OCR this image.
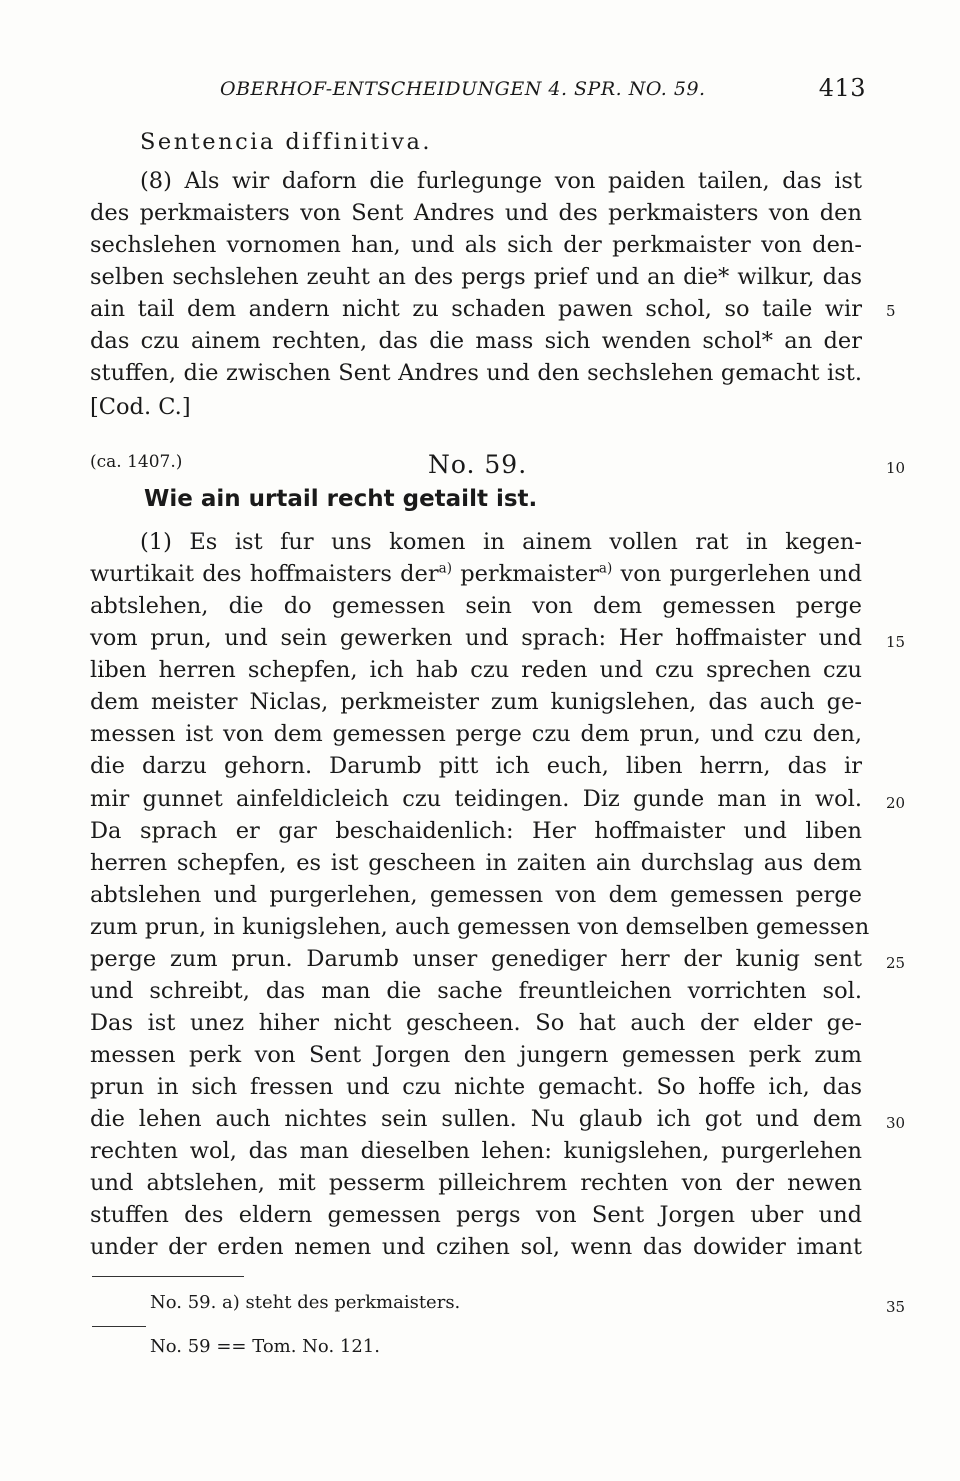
OBERHOF-ENTSCHEIDUNGEN 4. SPR. NO. 59.	413
Sentencia diffinitiva.
(8) Als wir daforn die furlegunge von paiden tailen, das ist
des perkmaisters von Sent Andres und des perkmaisters von den
sechslehen vornomen han, und als sich der perkmaister von den-
selben sechslehen zeuht an des pergs prief und an die* wilkur, das
ain tail dem andern nicht zu schaden pawen schol, so taile wir
das czu ainem rechten, das die mass sich wenden schol* an der
stuffen, die zwischen Sent Andres und den sechslehen gemacht ist.
[Cod. C.]
(ca. 1407.)	No. 59.
Wie ain urtail recht getailt ist.
(1) Es ist fur uns komen in ainem vollen rat in kegen-
wurtikait des hoffmaisters der$^{a)}$ perkmaister$^{a)}$ von purgerlehen und
abtslehen, die do gemessen sein von dem gemessen perge
vom prun, und sein gewerken und sprach: Her hoffmaister und
liben herren schepfen, ich hab czu reden und czu sprechen czu
dem meister Niclas, perkmeister zum kunigslehen, das auch ge-
messen ist von dem gemessen perge czu dem prun, und czu den,
die darzu gehorn. Darumb pitt ich euch, liben herrn, das ir
mir gunnet ainfeldicleich czu teidingen. Diz gunde man in wol.
Da sprach er gar beschaidenlich: Her hoffmaister und liben
herren schepfen, es ist gescheen in zaiten ain durchslag aus dem
abtslehen und purgerlehen, gemessen von dem gemessen perge
zum prun, in kunigslehen, auch gemessen von demselben gemessen
perge zum prun. Darumb unser genediger herr der kunig sent
und schreibt, das man die sache freuntleichen vorrichten sol.
Das ist unez hiher nicht gescheen. So hat auch der elder ge-
messen perk von Sent Jorgen den jungern gemessen perk zum
prun in sich fressen und czu nichte gemacht. So hoffe ich, das
die lehen auch nichtes sein sullen. Nu glaub ich got und dem
rechten wol, das man dieselben lehen: kunigslehen, purgerlehen
und abtslehen, mit pesserm pilleichrem rechten von der newen
stuffen des eldern gemessen pergs von Sent Jorgen uber und
under der erden nemen und czihen sol, wenn das dowider imant
5
10
15
20
25
30
35
No. 59. a) steht des perkmaisters.
No. 59 == Tom. No. 121.
